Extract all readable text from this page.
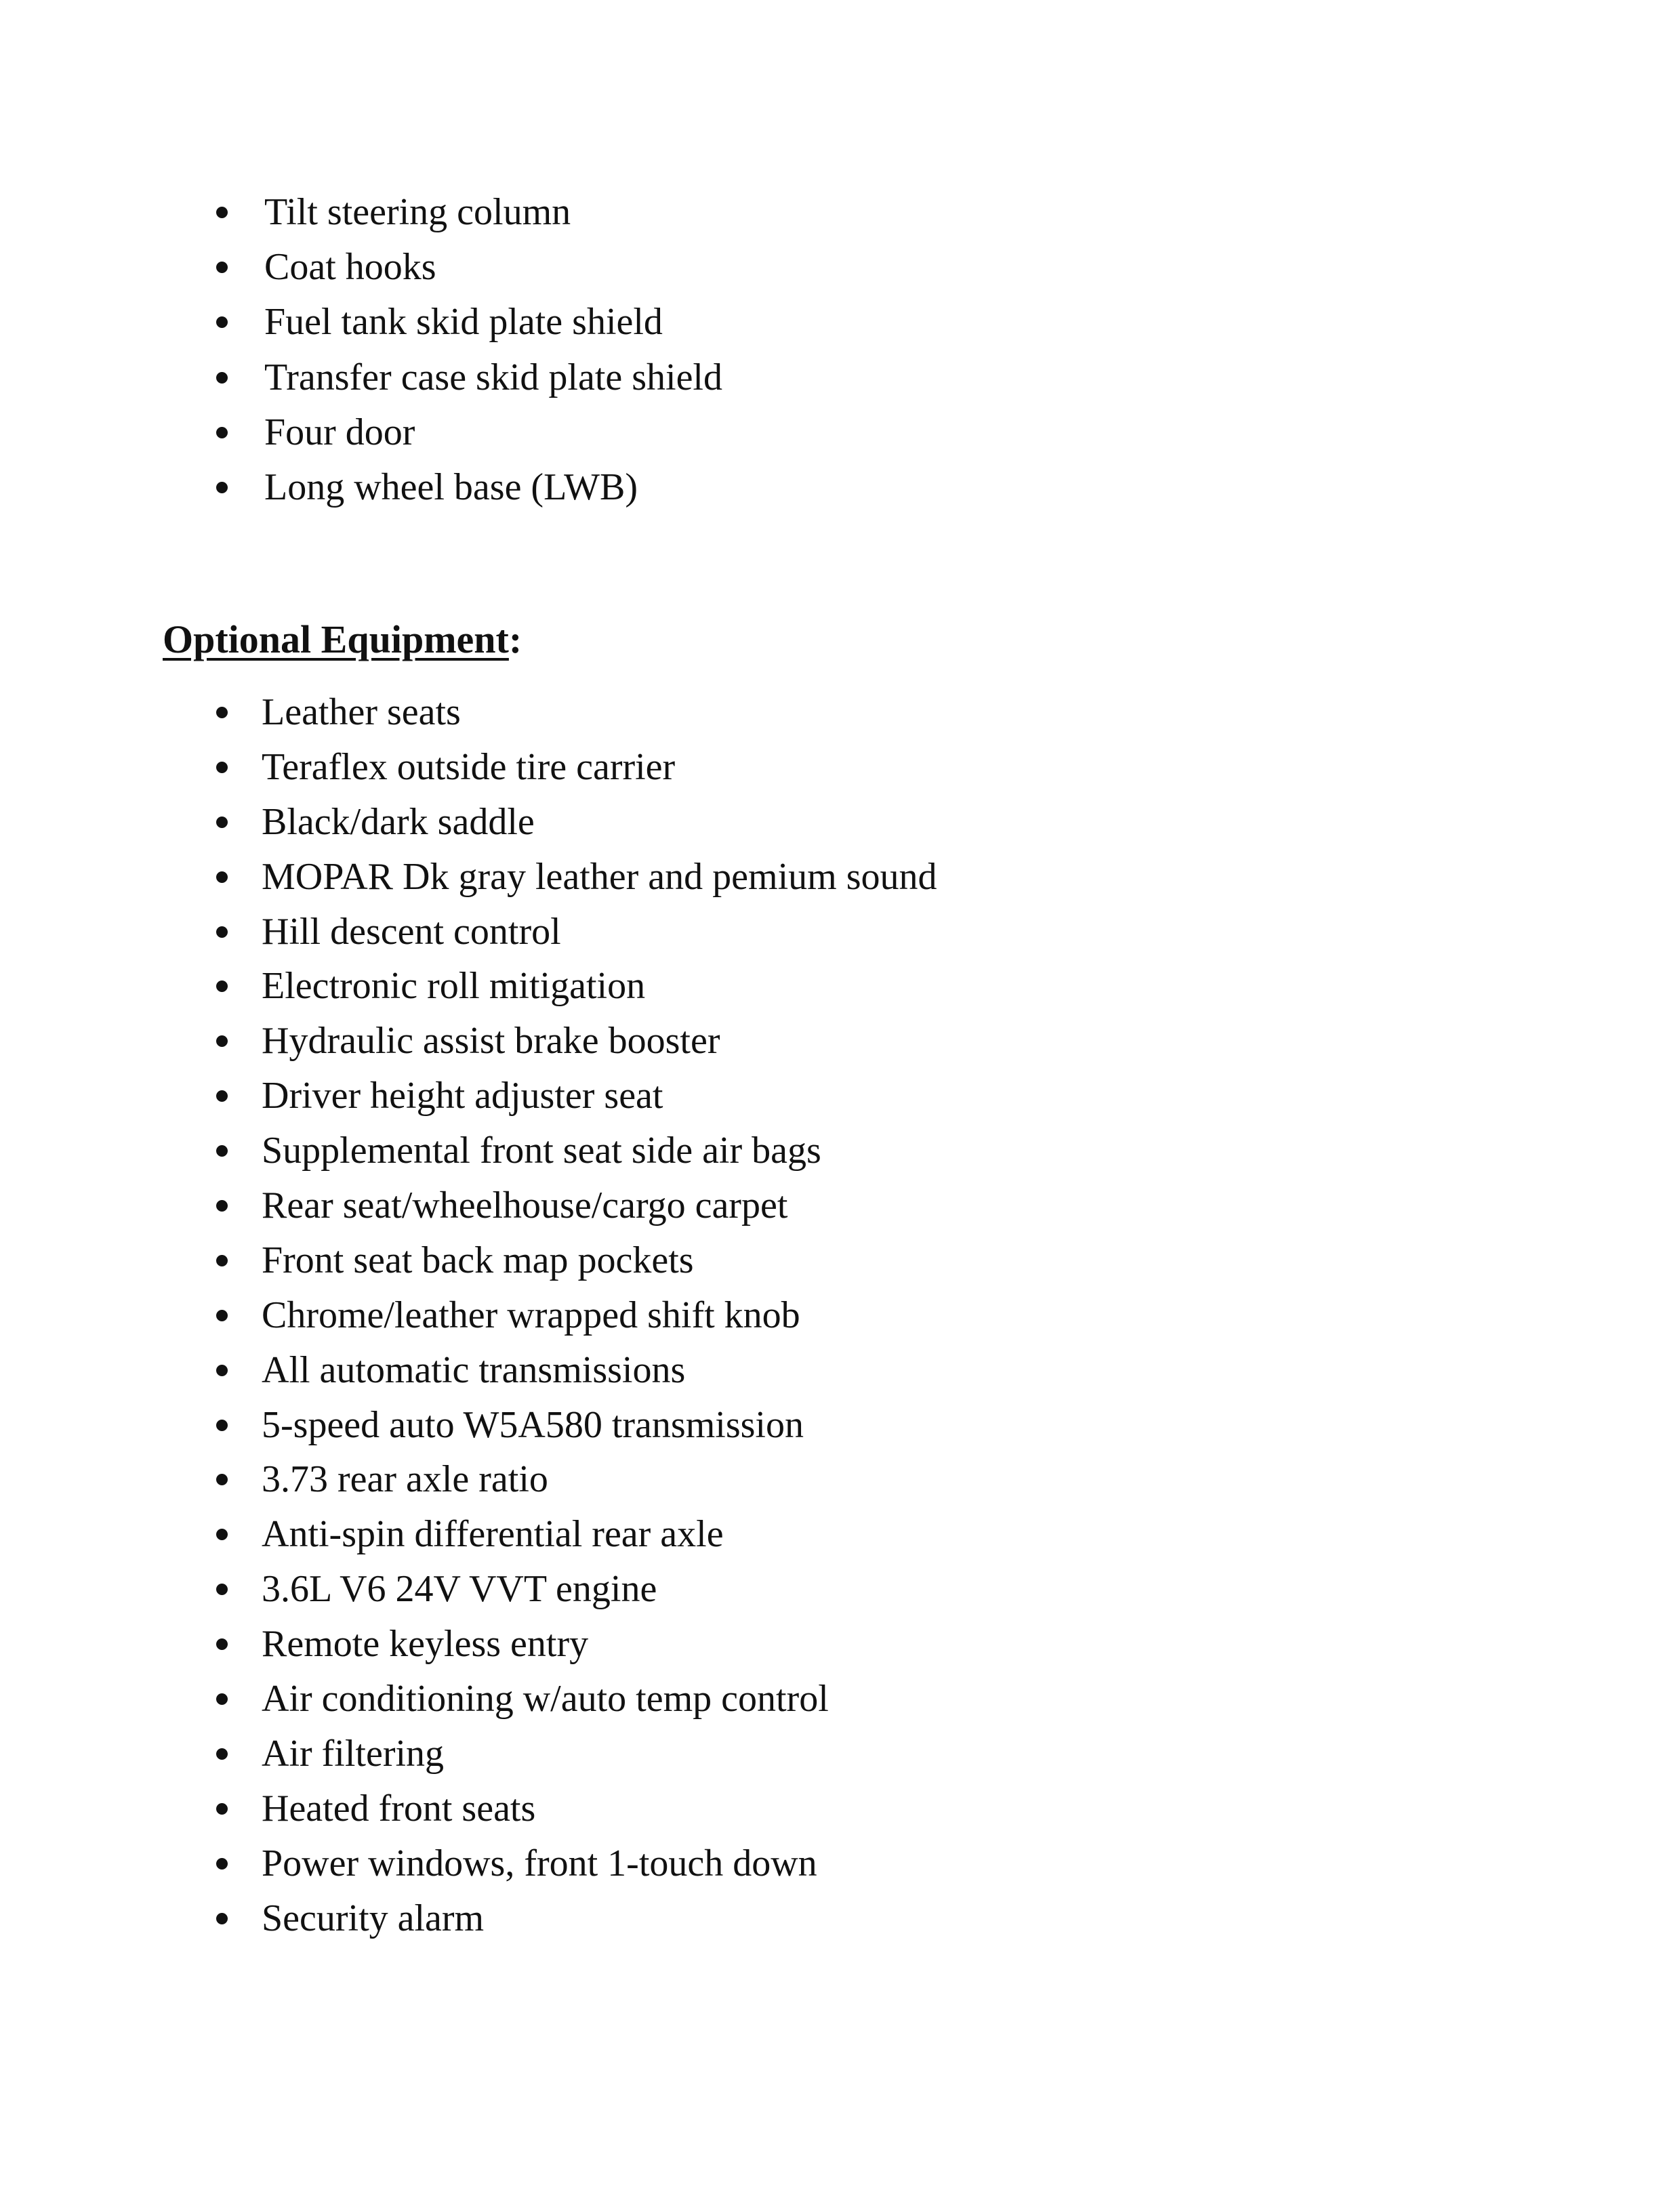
Tilt steering column
Coat hooks
Fuel tank skid plate shield
Transfer case skid plate shield
Four door
Long wheel base (LWB)
Optional Equipment:
Leather seats
Teraflex outside tire carrier
Black/dark saddle
MOPAR Dk gray leather and pemium sound
Hill descent control
Electronic roll mitigation
Hydraulic assist brake booster
Driver height adjuster seat
Supplemental front seat side air bags
Rear seat/wheelhouse/cargo carpet
Front seat back map pockets
Chrome/leather wrapped shift knob
All automatic transmissions
5-speed auto W5A580 transmission
3.73 rear axle ratio
Anti-spin differential rear axle
3.6L V6 24V VVT engine
Remote keyless entry
Air conditioning w/auto temp control
Air filtering
Heated front seats
Power windows, front 1-touch down
Security alarm
